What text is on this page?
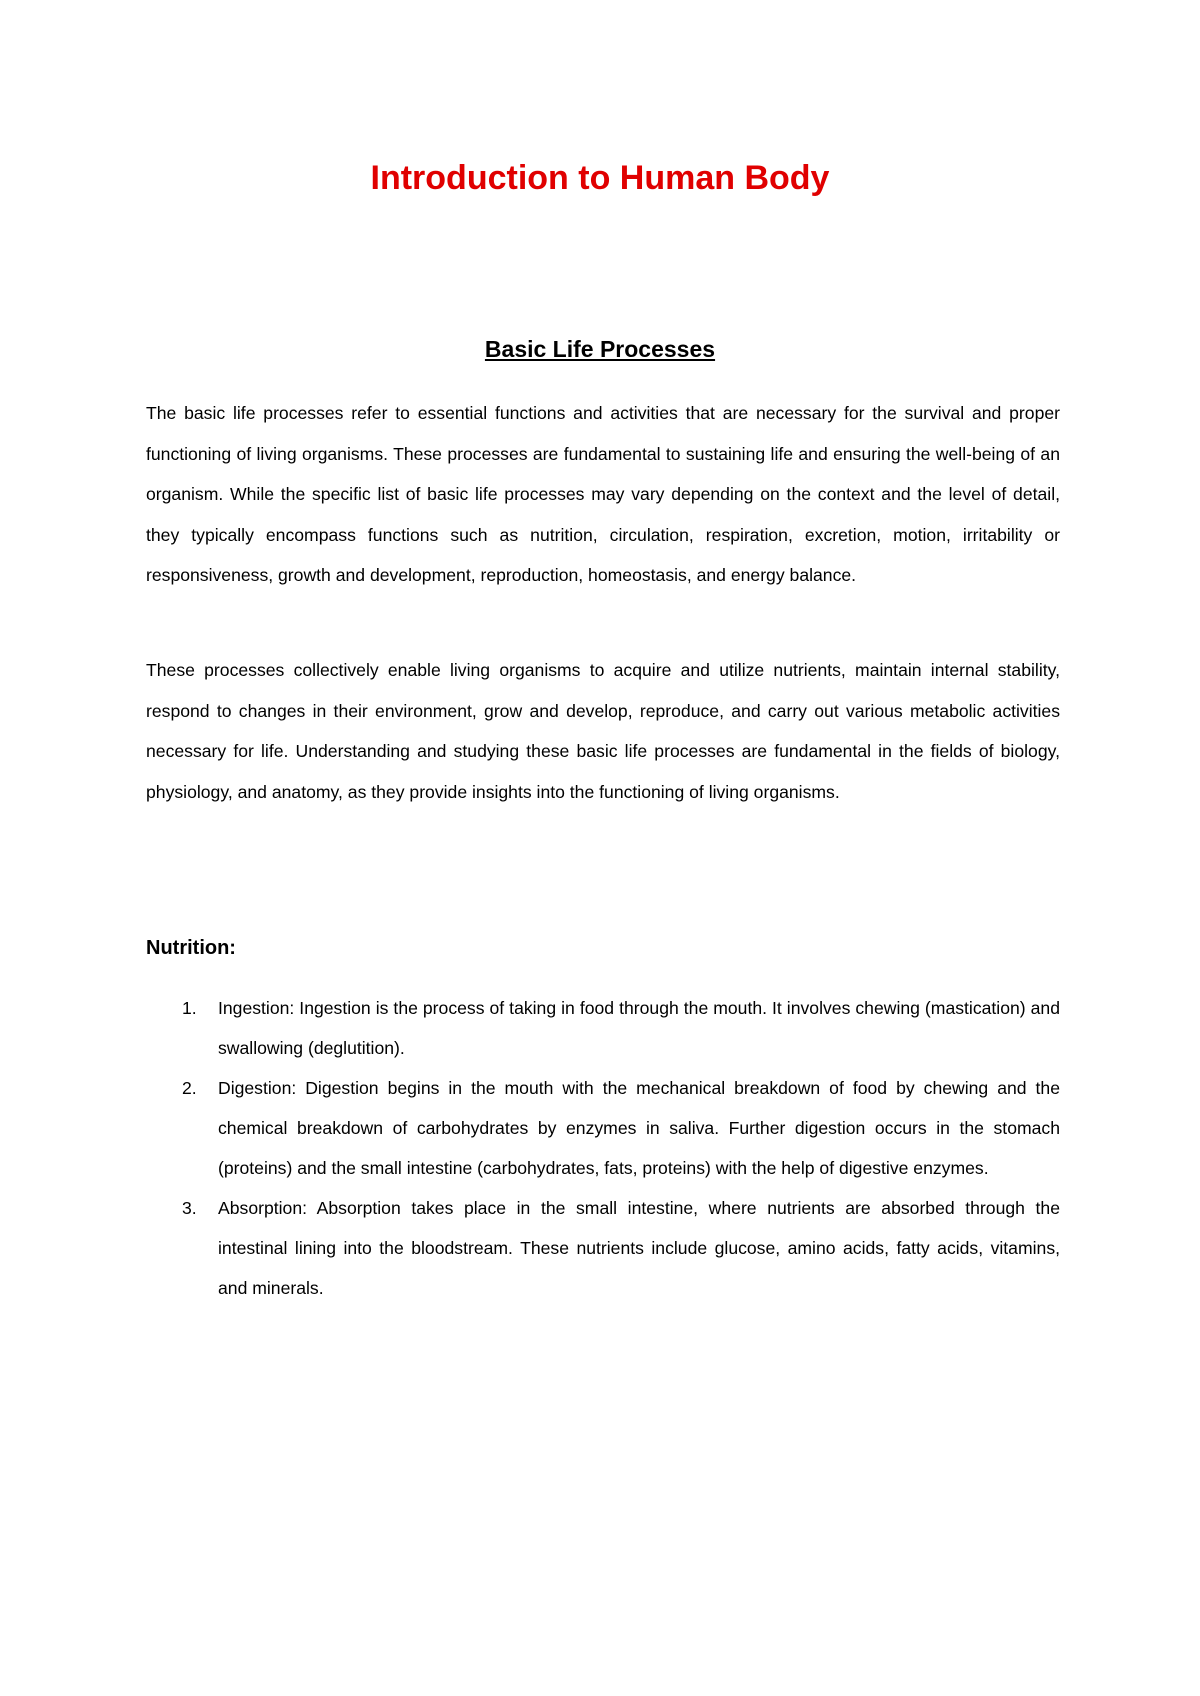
Introduction to Human Body
Basic Life Processes

The basic life processes refer to essential functions and activities that are necessary for the survival and proper functioning of living organisms. These processes are fundamental to sustaining life and ensuring the well-being of an organism. While the specific list of basic life processes may vary depending on the context and the level of detail, they typically encompass functions such as nutrition, circulation, respiration, excretion, motion, irritability or responsiveness, growth and development, reproduction, homeostasis, and energy balance.

These processes collectively enable living organisms to acquire and utilize nutrients, maintain internal stability, respond to changes in their environment, grow and develop, reproduce, and carry out various metabolic activities necessary for life. Understanding and studying these basic life processes are fundamental in the fields of biology, physiology, and anatomy, as they provide insights into the functioning of living organisms.

Nutrition:
1. Ingestion: Ingestion is the process of taking in food through the mouth. It involves chewing (mastication) and swallowing (deglutition).
2. Digestion: Digestion begins in the mouth with the mechanical breakdown of food by chewing and the chemical breakdown of carbohydrates by enzymes in saliva. Further digestion occurs in the stomach (proteins) and the small intestine (carbohydrates, fats, proteins) with the help of digestive enzymes.
3. Absorption: Absorption takes place in the small intestine, where nutrients are absorbed through the intestinal lining into the bloodstream. These nutrients include glucose, amino acids, fatty acids, vitamins, and minerals.
